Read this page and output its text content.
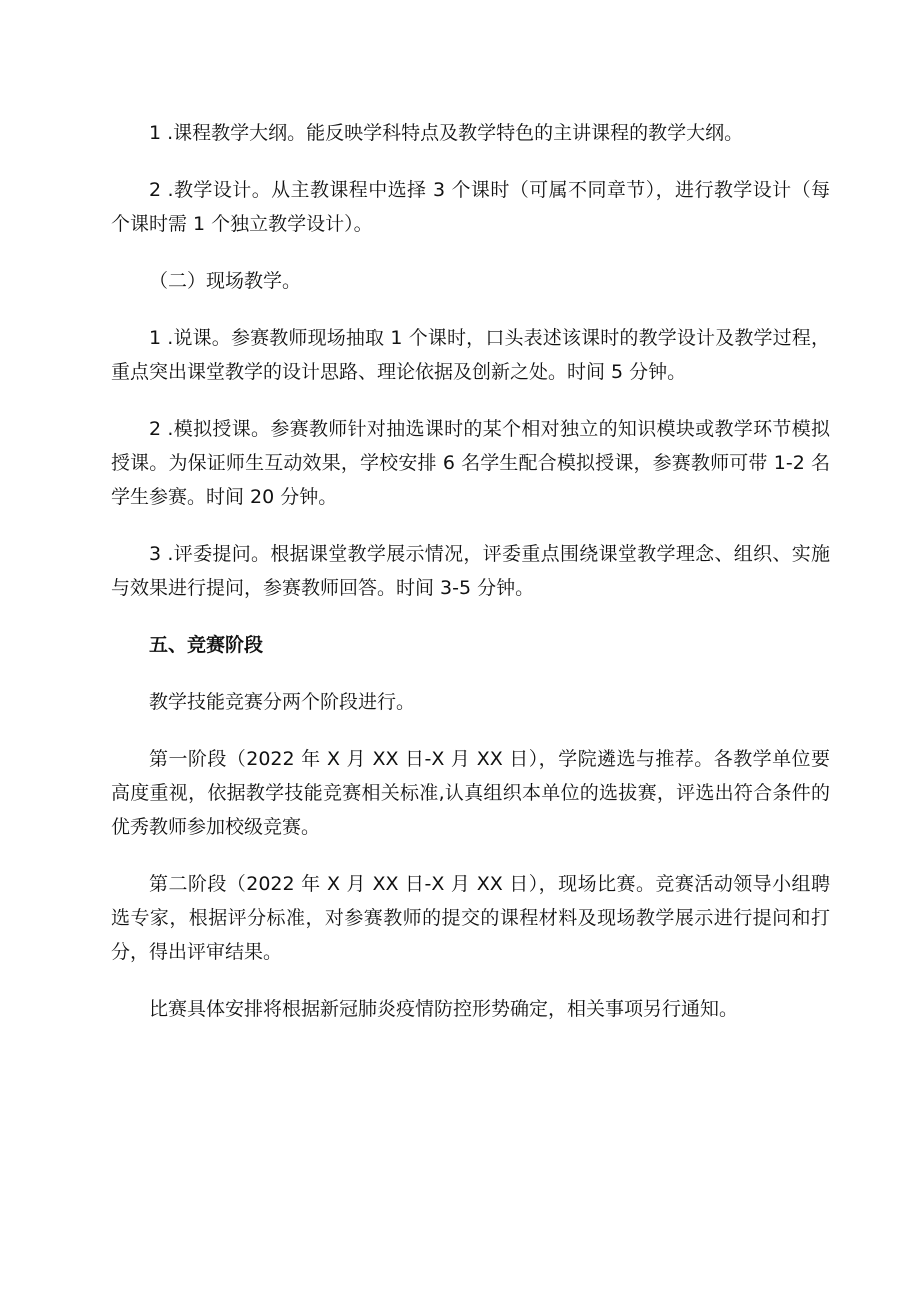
1 .课程教学大纲。能反映学科特点及教学特色的主讲课程的教学大纲。

2 .教学设计。从主教课程中选择 3 个课时（可属不同章节），进行教学设计（每个课时需 1 个独立教学设计）。

（二）现场教学。

1 .说课。参赛教师现场抽取 1 个课时，口头表述该课时的教学设计及教学过程，重点突出课堂教学的设计思路、理论依据及创新之处。时间 5 分钟。

2 .模拟授课。参赛教师针对抽选课时的某个相对独立的知识模块或教学环节模拟授课。为保证师生互动效果，学校安排 6 名学生配合模拟授课，参赛教师可带 1-2 名学生参赛。时间 20 分钟。

3 .评委提问。根据课堂教学展示情况，评委重点围绕课堂教学理念、组织、实施与效果进行提问，参赛教师回答。时间 3-5 分钟。

五、竞赛阶段

教学技能竞赛分两个阶段进行。

第一阶段（2022 年 X 月 XX 日-X 月 XX 日），学院遴选与推荐。各教学单位要高度重视，依据教学技能竞赛相关标准,认真组织本单位的选拔赛，评选出符合条件的优秀教师参加校级竞赛。

第二阶段（2022 年 X 月 XX 日-X 月 XX 日），现场比赛。竞赛活动领导小组聘选专家，根据评分标准，对参赛教师的提交的课程材料及现场教学展示进行提问和打分，得出评审结果。

比赛具体安排将根据新冠肺炎疫情防控形势确定，相关事项另行通知。
